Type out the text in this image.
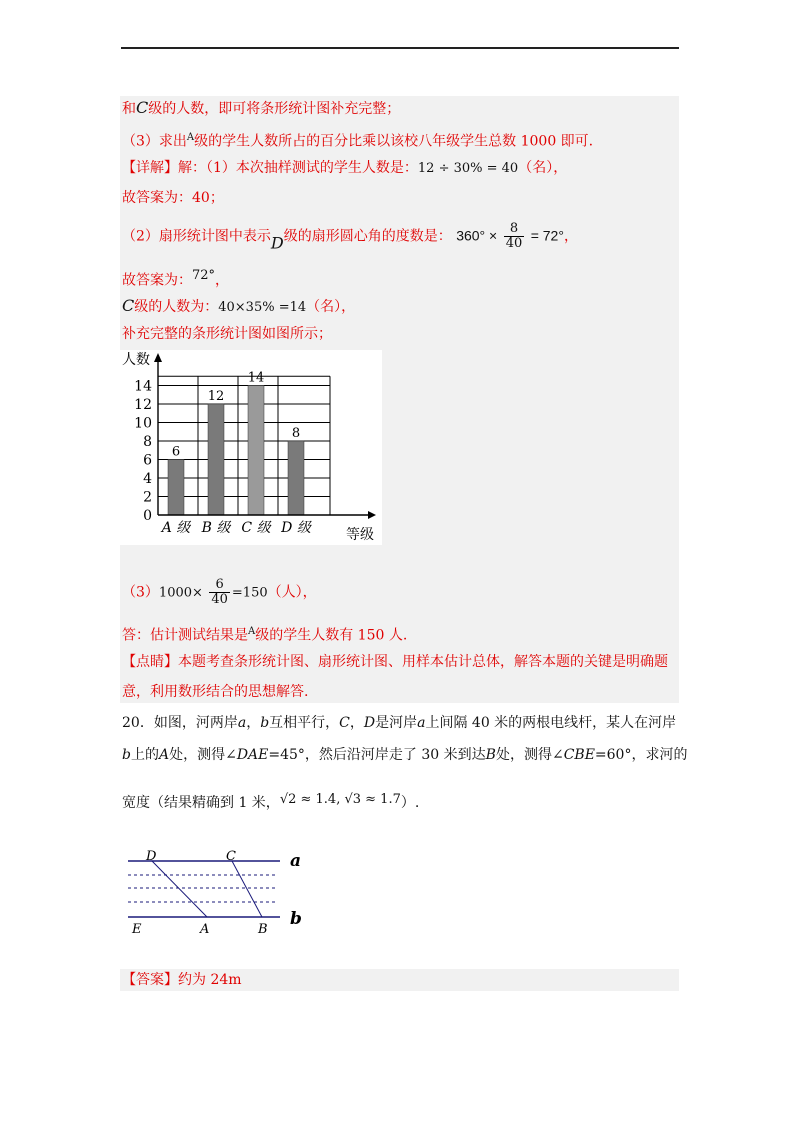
和C级的人数，即可将条形统计图补充完整；
（3）求出$^A$级的学生人数所占的百分比乘以该校八年级学生总数 1000 即可.
【详解】解：（1）本次抽样测试的学生人数是：12 ÷ 30% = 40（名），
故答案为：40；
（2）扇形统计图中表示D级的扇形圆心角的度数是： $360^\circ \times \frac{8}{40} = 72^\circ$，
故答案为：$^{72^\circ}$，
C级的人数为：40×35% =14（名），
补充完整的条形统计图如图所示；
6
A 级
12
B 级
14
C 级
8
D 级
0
2
4
6
8
10
12
14
人数
等级
$(3)1000\times \frac{6}{40} =150$（人），
答：估计测试结果是$^A$级的学生人数有 150 人.
【点睛】本题考查条形统计图、扇形统计图、用样本估计总体，解答本题的关键是明确题
意，利用数形结合的思想解答.
20．如图，河两岸a，b互相平行，C，D是河岸a上间隔 40 米的两根电线杆，某人在河岸
b上的A处，测得∠DAE=45°，然后沿河岸走了 30 米到达B处，测得∠CBE=60°，求河的
宽度（结果精确到 1 米，√2 ≈ 1.4, √3 ≈ 1.7）.
D	C
E	A	B
a
b
【答案】约为 24m
